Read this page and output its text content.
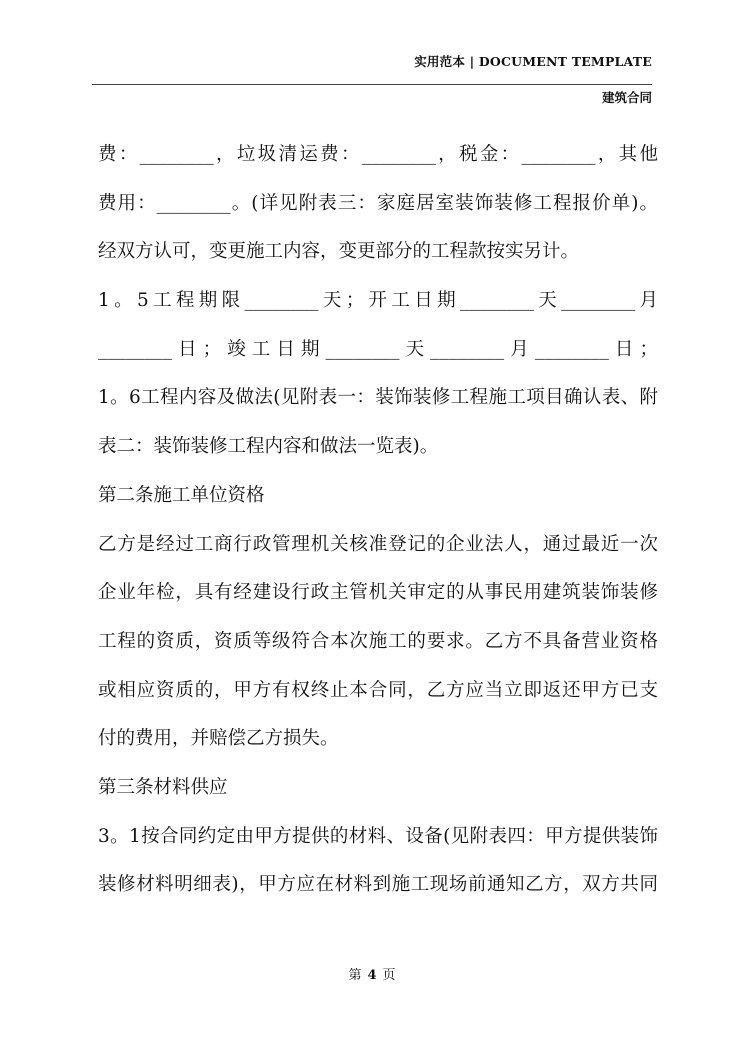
实用范本 | DOCUMENT TEMPLATE
建筑合同
费：________，垃圾清运费：________，税金：________，其他
费用：________。(详见附表三：家庭居室装饰装修工程报价单)。
经双方认可，变更施工内容，变更部分的工程款按实另计。
1。5工程期限________天；开工日期________天________月
________日；竣工日期________天________月________日；
1。6工程内容及做法(见附表一：装饰装修工程施工项目确认表、附
表二：装饰装修工程内容和做法一览表)。
第二条施工单位资格
乙方是经过工商行政管理机关核准登记的企业法人，通过最近一次
企业年检，具有经建设行政主管机关审定的从事民用建筑装饰装修
工程的资质，资质等级符合本次施工的要求。乙方不具备营业资格
或相应资质的，甲方有权终止本合同，乙方应当立即返还甲方已支
付的费用，并赔偿乙方损失。
第三条材料供应
3。1按合同约定由甲方提供的材料、设备(见附表四：甲方提供装饰
装修材料明细表)，甲方应在材料到施工现场前通知乙方，双方共同
第 4 页
